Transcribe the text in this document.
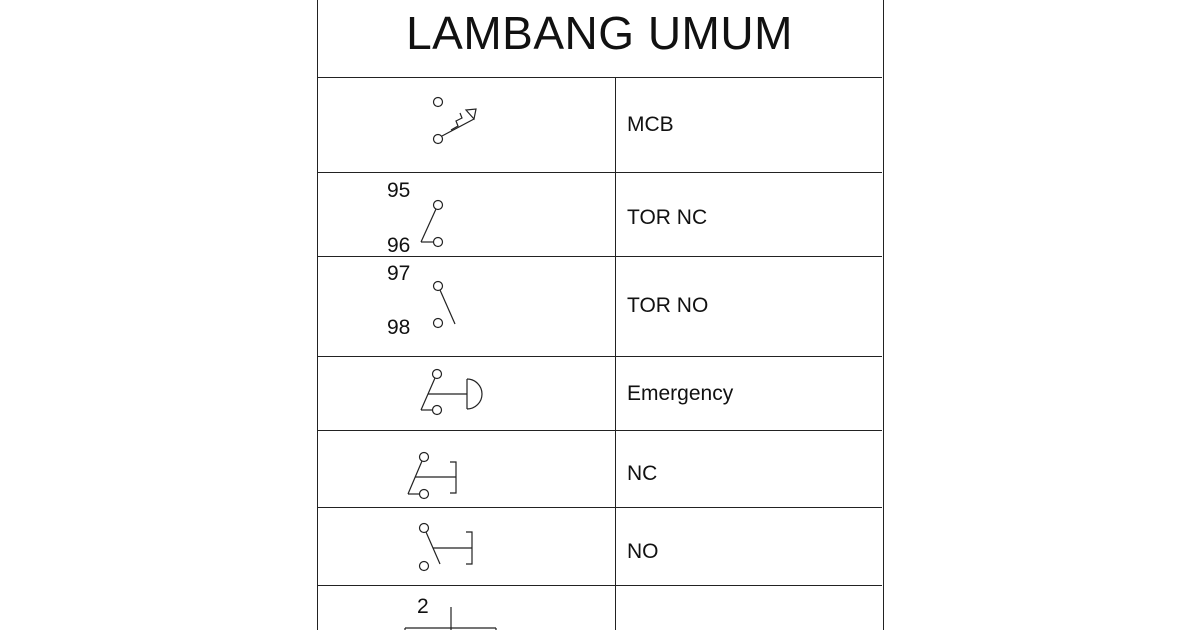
LAMBANG UMUM
MCB
TOR NC
TOR NO
Emergency
NC
NO
95
96
97
98
2
